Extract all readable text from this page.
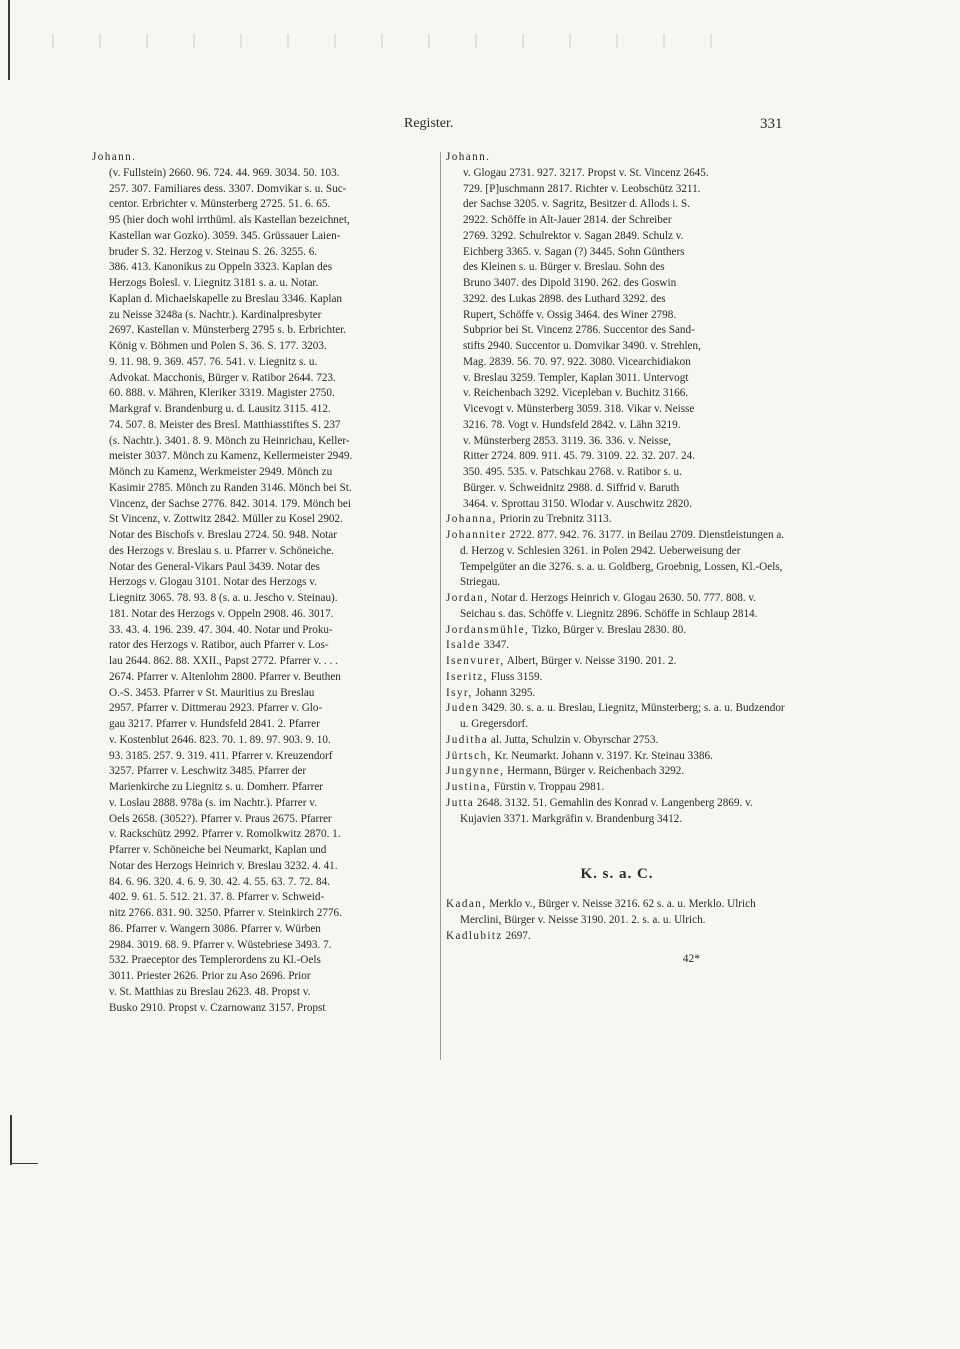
Register.	331
Johann.
(v. Fullstein) 2660. 96. 724. 44. 969. 3034. 50. 103.
257. 307. Familiares dess. 3307. Domvikar s. u. Suc-
centor. Erbrichter v. Münsterberg 2725. 51. 6. 65.
95 (hier doch wohl irrthüml. als Kastellan bezeichnet,
Kastellan war Gozko). 3059. 345. Grüssauer Laien-
bruder S. 32. Herzog v. Steinau S. 26. 3255. 6.
386. 413. Kanonikus zu Oppeln 3323. Kaplan des
Herzogs Bolesl. v. Liegnitz 3181 s. a. u. Notar.
Kaplan d. Michaelskapelle zu Breslau 3346. Kaplan
zu Neisse 3248a (s. Nachtr.). Kardinalpresbyter
2697. Kastellan v. Münsterberg 2795 s. b. Erbrichter.
König v. Böhmen und Polen S. 36. S. 177. 3203.
9. 11. 98. 9. 369. 457. 76. 541. v. Liegnitz s. u.
Advokat. Macchonis, Bürger v. Ratibor 2644. 723.
60. 888. v. Mähren, Kleriker 3319. Magister 2750.
Markgraf v. Brandenburg u. d. Lausitz 3115. 412.
74. 507. 8. Meister des Bresl. Matthiasstiftes S. 237
(s. Nachtr.). 3401. 8. 9. Mönch zu Heinrichau, Keller-
meister 3037. Mönch zu Kamenz, Kellermeister 2949.
Mönch zu Kamenz, Werkmeister 2949. Mönch zu
Kasimir 2785. Mönch zu Randen 3146. Mönch bei St.
Vincenz, der Sachse 2776. 842. 3014. 179. Mönch bei
St Vincenz, v. Zottwitz 2842. Müller zu Kosel 2902.
Notar des Bischofs v. Breslau 2724. 50. 948. Notar
des Herzogs v. Breslau s. u. Pfarrer v. Schöneiche.
Notar des General-Vikars Paul 3439. Notar des
Herzogs v. Glogau 3101. Notar des Herzogs v.
Liegnitz 3065. 78. 93. 8 (s. a. u. Jescho v. Steinau).
181. Notar des Herzogs v. Oppeln 2908. 46. 3017.
33. 43. 4. 196. 239. 47. 304. 40. Notar und Proku-
rator des Herzogs v. Ratibor, auch Pfarrer v. Los-
lau 2644. 862. 88. XXII., Papst 2772. Pfarrer v. . . .
2674. Pfarrer v. Altenlohm 2800. Pfarrer v. Beuthen
O.-S. 3453. Pfarrer v St. Mauritius zu Breslau
2957. Pfarrer v. Dittmerau 2923. Pfarrer v. Glo-
gau 3217. Pfarrer v. Hundsfeld 2841. 2. Pfarrer
v. Kostenblut 2646. 823. 70. 1. 89. 97. 903. 9. 10.
93. 3185. 257. 9. 319. 411. Pfarrer v. Kreuzendorf
3257. Pfarrer v. Leschwitz 3485. Pfarrer der
Marienkirche zu Liegnitz s. u. Domherr. Pfarrer
v. Loslau 2888. 978a (s. im Nachtr.). Pfarrer v.
Oels 2658. (3052?). Pfarrer v. Praus 2675. Pfarrer
v. Rackschütz 2992. Pfarrer v. Romolkwitz 2870. 1.
Pfarrer v. Schöneiche bei Neumarkt, Kaplan und
Notar des Herzogs Heinrich v. Breslau 3232. 4. 41.
84. 6. 96. 320. 4. 6. 9. 30. 42. 4. 55. 63. 7. 72. 84.
402. 9. 61. 5. 512. 21. 37. 8. Pfarrer v. Schweid-
nitz 2766. 831. 90. 3250. Pfarrer v. Steinkirch 2776.
86. Pfarrer v. Wangern 3086. Pfarrer v. Würben
2984. 3019. 68. 9. Pfarrer v. Wüstebriese 3493. 7.
532. Praeceptor des Templerordens zu Kl.-Oels
3011. Priester 2626. Prior zu Aso 2696. Prior
v. St. Matthias zu Breslau 2623. 48. Propst v.
Busko 2910. Propst v. Czarnowanz 3157. Propst
Johann.
v. Glogau 2731. 927. 3217. Propst v. St. Vincenz 2645.
729. [P]uschmann 2817. Richter v. Leobschütz 3211.
der Sachse 3205. v. Sagritz, Besitzer d. Allods i. S.
2922. Schöffe in Alt-Jauer 2814. der Schreiber
2769. 3292. Schulrektor v. Sagan 2849. Schulz v.
Eichberg 3365. v. Sagan (?) 3445. Sohn Günthers
des Kleinen s. u. Bürger v. Breslau. Sohn des
Bruno 3407. des Dipold 3190. 262. des Goswin
3292. des Lukas 2898. des Luthard 3292. des
Rupert, Schöffe v. Ossig 3464. des Winer 2798.
Subprior bei St. Vincenz 2786. Succentor des Sand-
stifts 2940. Succentor u. Domvikar 3490. v. Strehlen,
Mag. 2839. 56. 70. 97. 922. 3080. Vicearchidiakon
v. Breslau 3259. Templer, Kaplan 3011. Untervogt
v. Reichenbach 3292. Viceplebаn v. Buchitz 3166.
Vicevogt v. Münsterberg 3059. 318. Vikar v. Neisse
3216. 78. Vogt v. Hundsfeld 2842. v. Lähn 3219.
v. Münsterberg 2853. 3119. 36. 336. v. Neisse,
Ritter 2724. 809. 911. 45. 79. 3109. 22. 32. 207. 24.
350. 495. 535. v. Patschkau 2768. v. Ratibor s. u.
Bürger. v. Schweidnitz 2988. d. Siffrid v. Baruth
3464. v. Sprottau 3150. Wlodar v. Auschwitz 2820.
Johanna, Priorin zu Trebnitz 3113.
Johanniter 2722. 877. 942. 76. 3177. in Beilau 2709. Dienstleistungen a. d. Herzog v. Schlesien 3261. in Polen 2942. Ueberweisung der Tempelgüter an die 3276. s. a. u. Goldberg, Groebnig, Lossen, Kl.-Oels, Striegau.
Jordan, Notar d. Herzogs Heinrich v. Glogau 2630. 50. 777. 808. v. Seichau s. das. Schöffe v. Liegnitz 2896. Schöffe in Schlaup 2814.
Jordansmühle, Tizko, Bürger v. Breslau 2830. 80.
Isalde 3347.
Isenvurer, Albert, Bürger v. Neisse 3190. 201. 2.
Iseritz, Fluss 3159.
Isyr, Johann 3295.
Juden 3429. 30. s. a. u. Breslau, Liegnitz, Münsterberg; s. a. u. Budzendor u. Gregersdorf.
Juditha al. Jutta, Schulzin v. Obyrschar 2753.
Jürtsch, Kr. Neumarkt. Johann v. 3197. Kr. Steinau 3386.
Jungynne, Hermann, Bürger v. Reichenbach 3292.
Justina, Fürstin v. Troppau 2981.
Jutta 2648. 3132. 51. Gemahlin des Konrad v. Langenberg 2869. v. Kujavien 3371. Markgräfin v. Brandenburg 3412.
K. s. a. C.
Kadan, Merklo v., Bürger v. Neisse 3216. 62 s. a. u. Merklo. Ulrich Merclini, Bürger v. Neisse 3190. 201. 2. s. a. u. Ulrich.
Kadlubitz 2697.
42*
